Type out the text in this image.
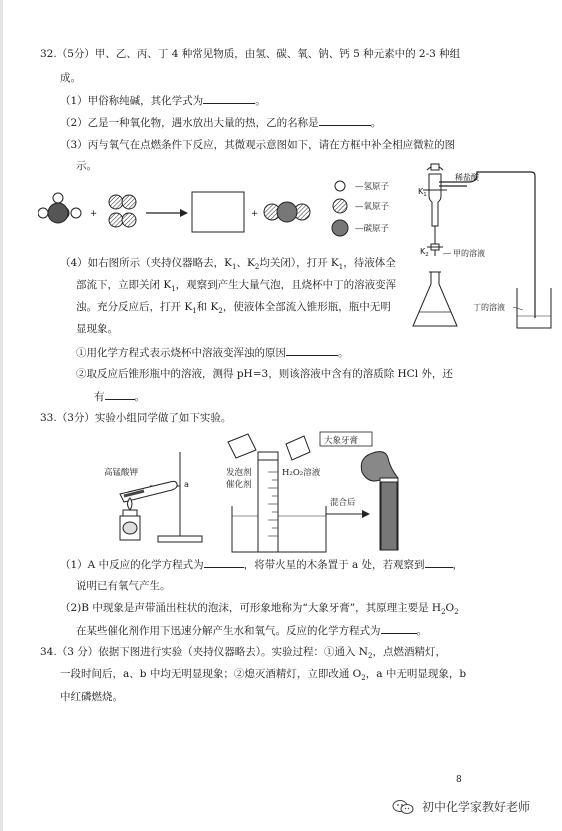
32.（5分）甲、乙、丙、丁 4 种常见物质，由氢、碳、氧、钠、钙 5 种元素中的 2-3 种组
成。
（1）甲俗称纯碱，其化学式为	。
（2）乙是一种氧化物，遇水放出大量的热，乙的名称是	。
（3）丙与氧气在点燃条件下反应，其微观示意图如下，请在方框中补全相应微粒的图
示。
+	+
—氢原子
—氧原子
—碳原子
稀盐酸
$K_1$
甲的溶液
$K_2$
丁的溶液
（4）如右图所示（夹持仪器略去，$K_1$、$K_2$均关闭），打开 $K_1$，待液体全
部流下，立即关闭 $K_1$，观察到产生大量气泡，且烧杯中丁的溶液变浑
浊。充分反应后，打开 $K_1$和 $K_2$，使液体全部流入锥形瓶，瓶中无明
显现象。
①用化学方程式表示烧杯中溶液变浑浊的原因	。
②取反应后锥形瓶中的溶液，测得 pH=3，则该溶液中含有的溶质除 HCl 外，还
有	。
33.（3分）实验小组同学做了如下实验。
a
高锰酸钾	发泡剂
催化剂
H₂O₂溶液
大象牙膏
混合后
（1）A 中反应的化学方程式为	，将带火星的木条置于 a 处，若观察到	，
说明已有氧气产生。
（2)B 中现象是声带涌出柱状的泡沫，可形象地称为“大象牙膏”，其原理主要是 $H_2O_2$
在某些催化剂作用下迅速分解产生水和氧气。反应的化学方程式为	。
34.（3 分）依据下图进行实验（夹持仪器略去）。实验过程：①通入 $N_2$，点燃酒精灯，
一段时间后，a、b 中均无明显现象；②熄灭酒精灯，立即改通 $O_2$，a 中无明显现象，b
中红磷燃烧。
8
初中化学家教好老师
